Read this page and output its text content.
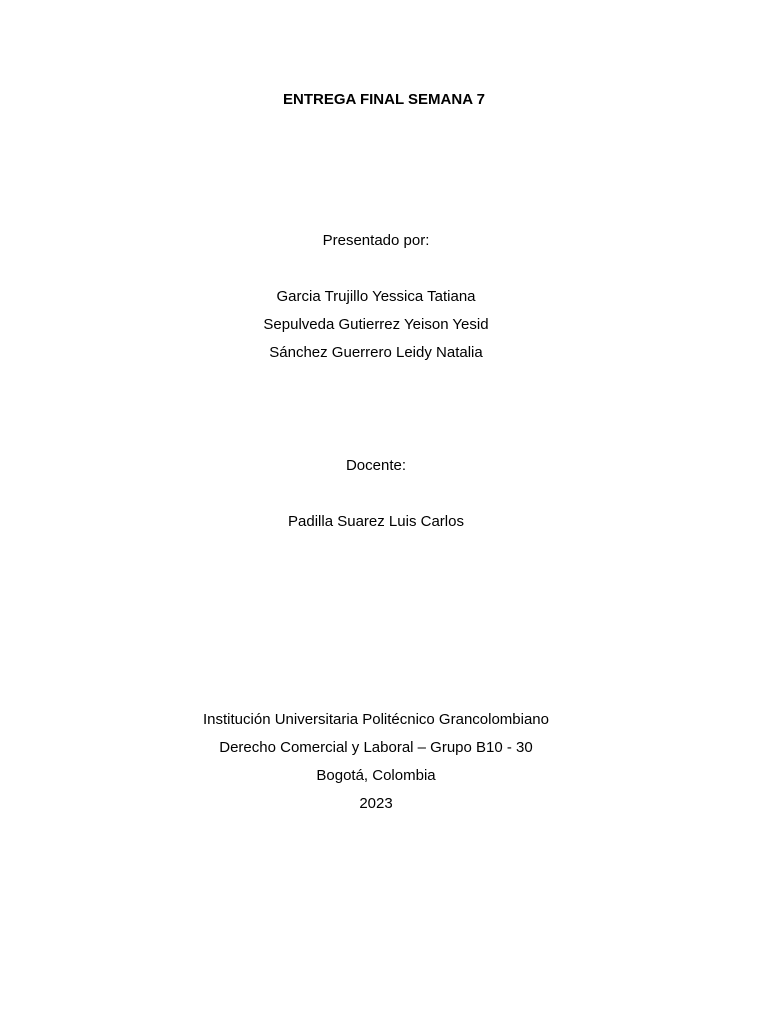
ENTREGA FINAL SEMANA 7
Presentado por:
Garcia Trujillo Yessica Tatiana
Sepulveda Gutierrez Yeison Yesid
Sánchez Guerrero Leidy Natalia
Docente:
Padilla Suarez Luis Carlos
Institución Universitaria Politécnico Grancolombiano
Derecho Comercial y Laboral – Grupo B10 - 30
Bogotá, Colombia
2023
